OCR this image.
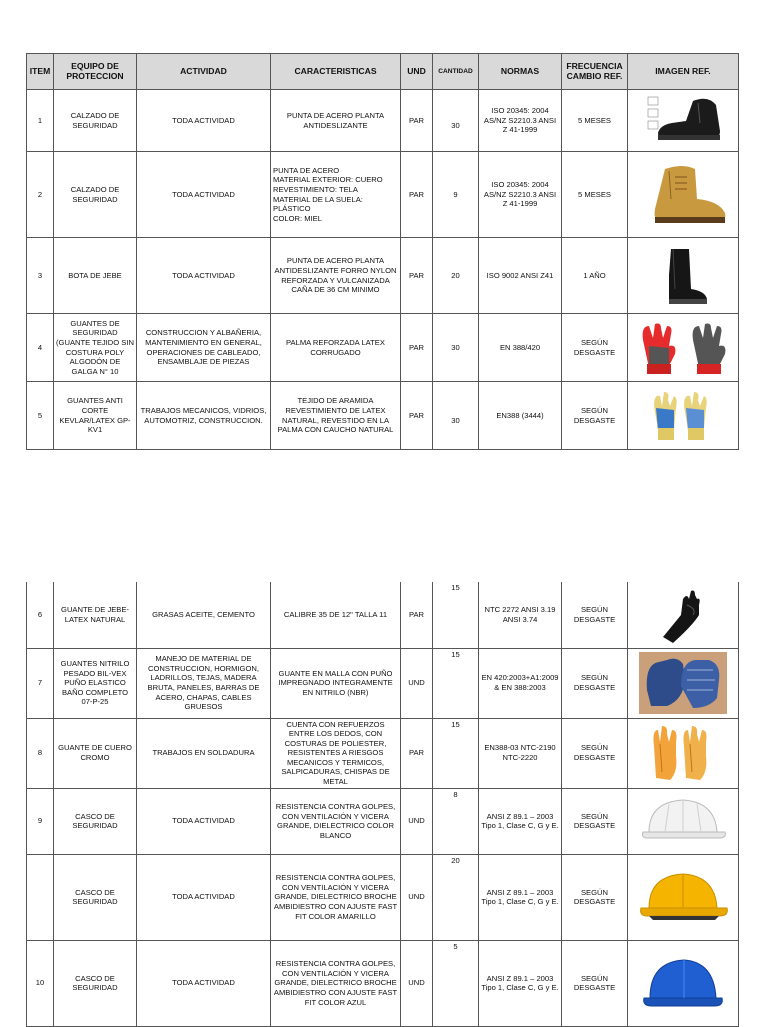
ITEM	EQUIPO DE PROTECCION	ACTIVIDAD	CARACTERISTICAS	UND	CANTIDAD	NORMAS	FRECUENCIA CAMBIO REF.	IMAGEN REF.
1	CALZADO DE SEGURIDAD	TODA ACTIVIDAD	PUNTA DE ACERO PLANTA ANTIDESLIZANTE	PAR	30	ISO 20345: 2004 AS/NZ S2210.3 ANSI Z 41-1999	5 MESES	

2	CALZADO DE SEGURIDAD	TODA ACTIVIDAD	PUNTA DE ACERO
MATERIAL EXTERIOR: CUERO
REVESTIMIENTO: TELA
MATERIAL DE LA SUELA: PLÁSTICO
COLOR: MIEL	PAR	9	ISO 20345: 2004 AS/NZ S2210.3 ANSI Z 41-1999	5 MESES	

3	BOTA DE JEBE	TODA ACTIVIDAD	PUNTA DE ACERO PLANTA ANTIDESLIZANTE FORRO NYLON REFORZADA Y VULCANIZADA CAÑA DE 36 CM MINIMO	PAR	20	ISO 9002 ANSI Z41	1 AÑO	

4	GUANTES DE SEGURIDAD (GUANTE TEJIDO SIN COSTURA POLY ALGODÓN DE GALGA N° 10	CONSTRUCCION Y ALBAÑERIA, MANTENIMIENTO EN GENERAL, OPERACIONES DE CABLEADO, ENSAMBLAJE DE PIEZAS	PALMA REFORZADA LATEX CORRUGADO	PAR	30	EN 388/420	SEGÚN DESGASTE	

5	GUANTES ANTI CORTE KEVLAR/LATEX GP-KV1	TRABAJOS MECANICOS, VIDRIOS, AUTOMOTRIZ, CONSTRUCCION.	TEJIDO DE ARAMIDA REVESTIMIENTO DE LATEX NATURAL, REVESTIDO EN LA PALMA CON CAUCHO NATURAL	PAR	30	EN388 (3444)	SEGÚN DESGASTE	
6	GUANTE DE JEBE-LATEX NATURAL	GRASAS ACEITE, CEMENTO	CALIBRE 35 DE 12" TALLA 11	PAR	15	NTC 2272 ANSI 3.19 ANSI 3.74	SEGÚN DESGASTE	

7	GUANTES NITRILO PESADO BIL-VEX PUÑO ELASTICO BAÑO COMPLETO 07-P-25	MANEJO DE MATERIAL DE CONSTRUCCION, HORMIGON, LADRILLOS, TEJAS, MADERA BRUTA, PANELES, BARRAS DE ACERO, CHAPAS, CABLES GRUESOS	GUANTE EN MALLA CON PUÑO IMPREGNADO INTEGRAMENTE EN NITRILO (NBR)	UND	15	EN 420:2003+A1:2009 & EN 388:2003	SEGÚN DESGASTE	

8	GUANTE DE CUERO CROMO	TRABAJOS EN SOLDADURA	CUENTA CON REFUERZOS ENTRE LOS DEDOS, CON COSTURAS DE POLIESTER, RESISTENTES A RIESGOS MECANICOS Y TERMICOS, SALPICADURAS, CHISPAS DE METAL	PAR	15	EN388-03 NTC-2190 NTC-2220	SEGÚN DESGASTE	

9	CASCO DE SEGURIDAD	TODA ACTIVIDAD	RESISTENCIA CONTRA GOLPES, CON VENTILACIÓN Y VICERA GRANDE, DIELECTRICO COLOR BLANCO	UND	8	ANSI Z 89.1 – 2003 Tipo 1, Clase C, G y E.	SEGÚN DESGASTE	

	CASCO DE SEGURIDAD	TODA ACTIVIDAD	RESISTENCIA CONTRA GOLPES, CON VENTILACIÓN Y VICERA GRANDE, DIELECTRICO BROCHE AMBIDIESTRO CON AJUSTE FAST FIT COLOR AMARILLO	UND	20	ANSI Z 89.1 – 2003 Tipo 1, Clase C, G y E.	SEGÚN DESGASTE	

10	CASCO DE SEGURIDAD	TODA ACTIVIDAD	RESISTENCIA CONTRA GOLPES, CON VENTILACIÓN Y VICERA GRANDE, DIELECTRICO BROCHE AMBIDIESTRO CON AJUSTE FAST FIT COLOR AZUL	UND	5	ANSI Z 89.1 – 2003 Tipo 1, Clase C, G y E.	SEGÚN DESGASTE	
